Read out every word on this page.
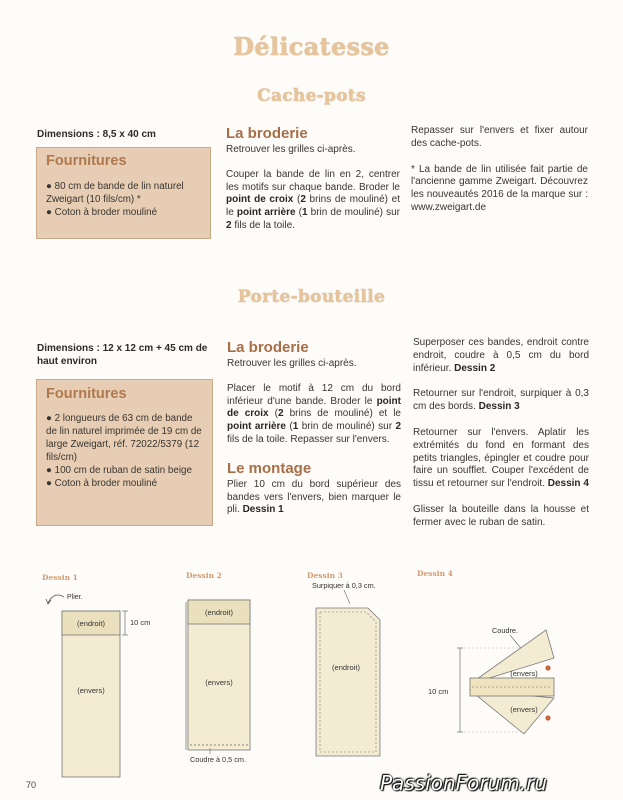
Délicatesse
Cache-pots
Dimensions : 8,5 x 40 cm
Fournitures

● 80 cm de bande de lin naturel Zweigart (10 fils/cm) *

● Coton à broder mouliné

La broderie

Retrouver les grilles ci-après.

Couper la bande de lin en 2, centrer les motifs sur chaque bande. Broder le point de croix (2 brins de mouliné) et le point arrière (1 brin de mouliné) sur 2 fils de la toile.

Repasser sur l'envers et fixer autour des cache-pots.

* La bande de lin utilisée fait partie de l'ancienne gamme Zweigart. Découvrez les nouveautés 2016 de la marque sur : www.zweigart.de

Porte-bouteille
Dimensions : 12 x 12 cm + 45 cm de haut environ
Fournitures

● 2 longueurs de 63 cm de bande de lin naturel imprimée de 19 cm de large Zweigart, réf. 72022/5379 (12 fils/cm)

● 100 cm de ruban de satin beige

● Coton à broder mouliné

La broderie

Retrouver les grilles ci-après.

Placer le motif à 12 cm du bord inférieur d'une bande. Broder le point de croix (2 brins de mouliné) et le point arrière (1 brin de mouliné) sur 2 fils de la toile. Repasser sur l'envers.

Le montage

Plier 10 cm du bord supérieur des bandes vers l'envers, bien marquer le pli. Dessin 1

Superposer ces bandes, endroit contre endroit, coudre à 0,5 cm du bord inférieur. Dessin 2

Retourner sur l'endroit, surpiquer à 0,3 cm des bords. Dessin 3

Retourner sur l'envers. Aplatir les extrémités du fond en formant des petits triangles, épingler et coudre pour faire un soufflet. Couper l'excédent de tissu et retourner sur l'endroit. Dessin 4

Glisser la bouteille dans la housse et fermer avec le ruban de satin.

Dessin 1	Dessin 2	Dessin 3	Dessin 4
Plier.
(endroit)
(envers)
10 cm
(endroit)
(envers)
Coudre à 0,5 cm.
Surpiquer à 0,3 cm.
(endroit)
Coudre.
(envers)
(envers)
10 cm
70	PassionForum.ru
